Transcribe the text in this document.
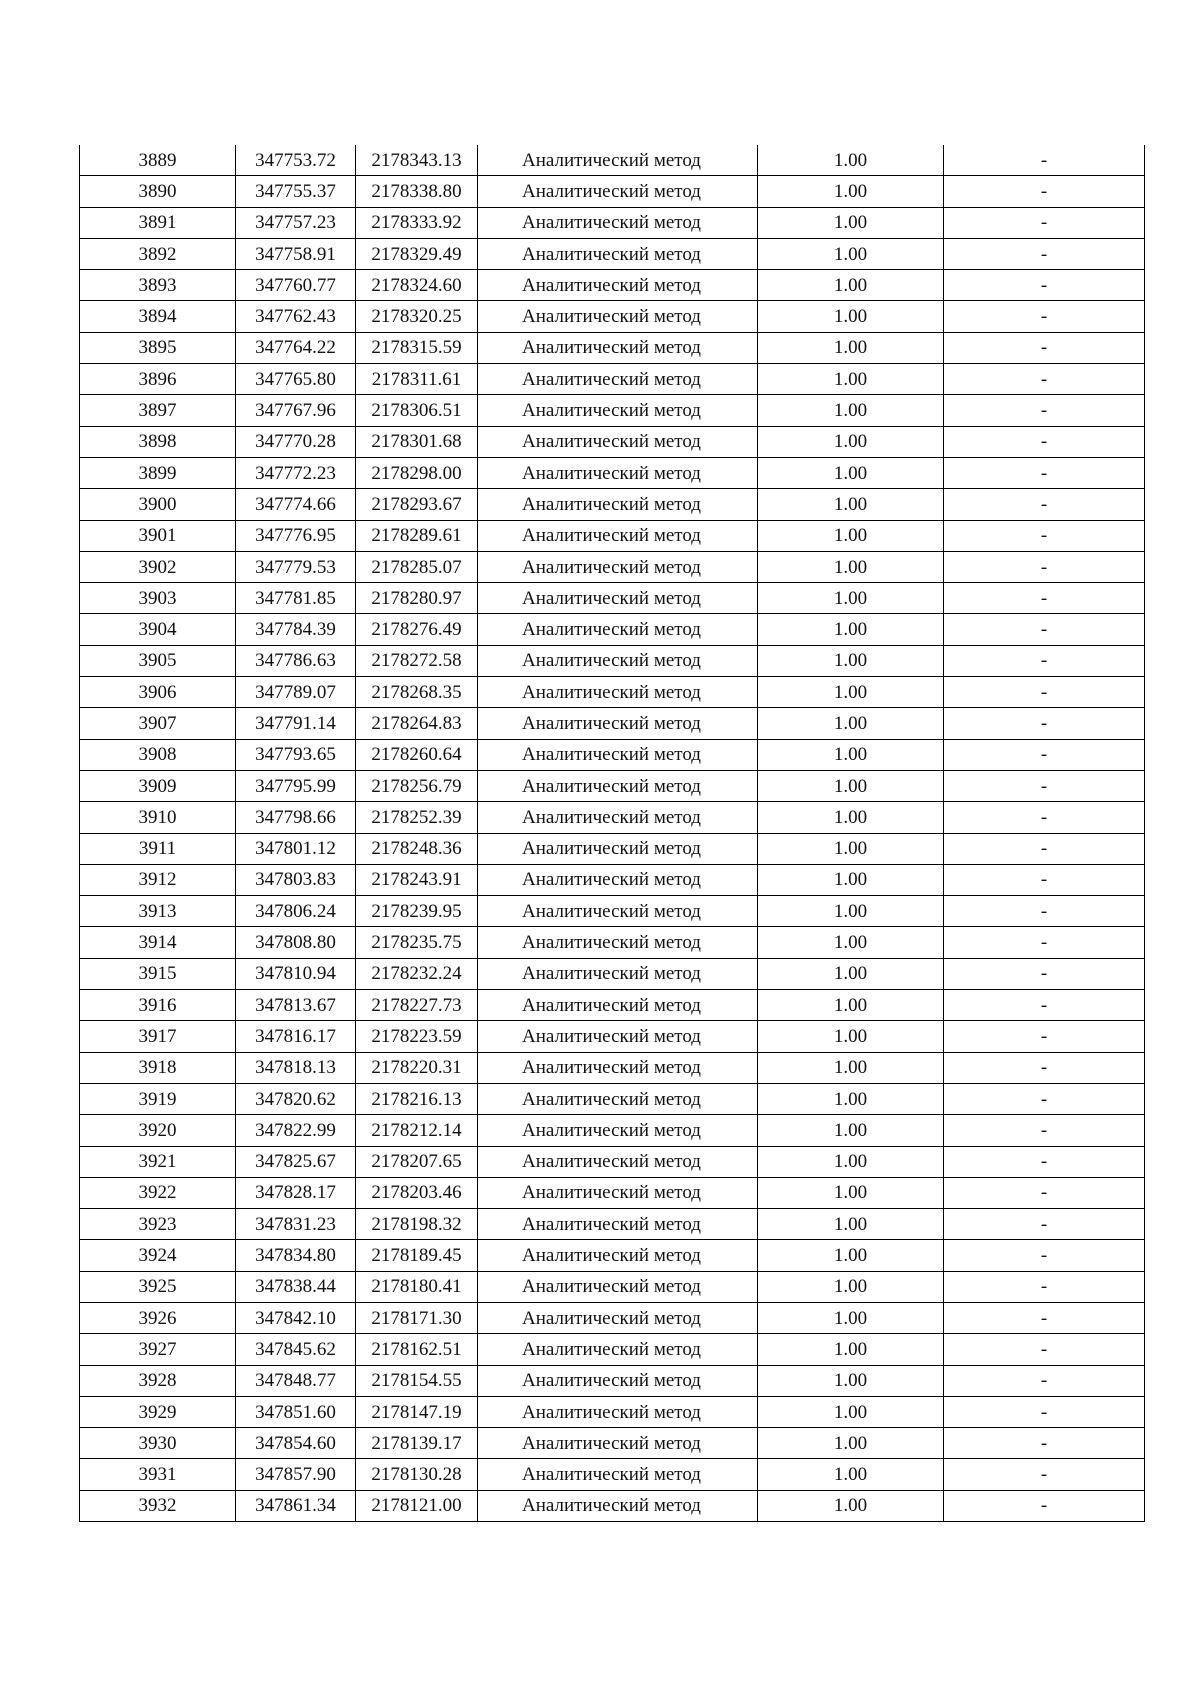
3889	347753.72	2178343.13	Аналитический метод	1.00	-
3890	347755.37	2178338.80	Аналитический метод	1.00	-
3891	347757.23	2178333.92	Аналитический метод	1.00	-
3892	347758.91	2178329.49	Аналитический метод	1.00	-
3893	347760.77	2178324.60	Аналитический метод	1.00	-
3894	347762.43	2178320.25	Аналитический метод	1.00	-
3895	347764.22	2178315.59	Аналитический метод	1.00	-
3896	347765.80	2178311.61	Аналитический метод	1.00	-
3897	347767.96	2178306.51	Аналитический метод	1.00	-
3898	347770.28	2178301.68	Аналитический метод	1.00	-
3899	347772.23	2178298.00	Аналитический метод	1.00	-
3900	347774.66	2178293.67	Аналитический метод	1.00	-
3901	347776.95	2178289.61	Аналитический метод	1.00	-
3902	347779.53	2178285.07	Аналитический метод	1.00	-
3903	347781.85	2178280.97	Аналитический метод	1.00	-
3904	347784.39	2178276.49	Аналитический метод	1.00	-
3905	347786.63	2178272.58	Аналитический метод	1.00	-
3906	347789.07	2178268.35	Аналитический метод	1.00	-
3907	347791.14	2178264.83	Аналитический метод	1.00	-
3908	347793.65	2178260.64	Аналитический метод	1.00	-
3909	347795.99	2178256.79	Аналитический метод	1.00	-
3910	347798.66	2178252.39	Аналитический метод	1.00	-
3911	347801.12	2178248.36	Аналитический метод	1.00	-
3912	347803.83	2178243.91	Аналитический метод	1.00	-
3913	347806.24	2178239.95	Аналитический метод	1.00	-
3914	347808.80	2178235.75	Аналитический метод	1.00	-
3915	347810.94	2178232.24	Аналитический метод	1.00	-
3916	347813.67	2178227.73	Аналитический метод	1.00	-
3917	347816.17	2178223.59	Аналитический метод	1.00	-
3918	347818.13	2178220.31	Аналитический метод	1.00	-
3919	347820.62	2178216.13	Аналитический метод	1.00	-
3920	347822.99	2178212.14	Аналитический метод	1.00	-
3921	347825.67	2178207.65	Аналитический метод	1.00	-
3922	347828.17	2178203.46	Аналитический метод	1.00	-
3923	347831.23	2178198.32	Аналитический метод	1.00	-
3924	347834.80	2178189.45	Аналитический метод	1.00	-
3925	347838.44	2178180.41	Аналитический метод	1.00	-
3926	347842.10	2178171.30	Аналитический метод	1.00	-
3927	347845.62	2178162.51	Аналитический метод	1.00	-
3928	347848.77	2178154.55	Аналитический метод	1.00	-
3929	347851.60	2178147.19	Аналитический метод	1.00	-
3930	347854.60	2178139.17	Аналитический метод	1.00	-
3931	347857.90	2178130.28	Аналитический метод	1.00	-
3932	347861.34	2178121.00	Аналитический метод	1.00	-
